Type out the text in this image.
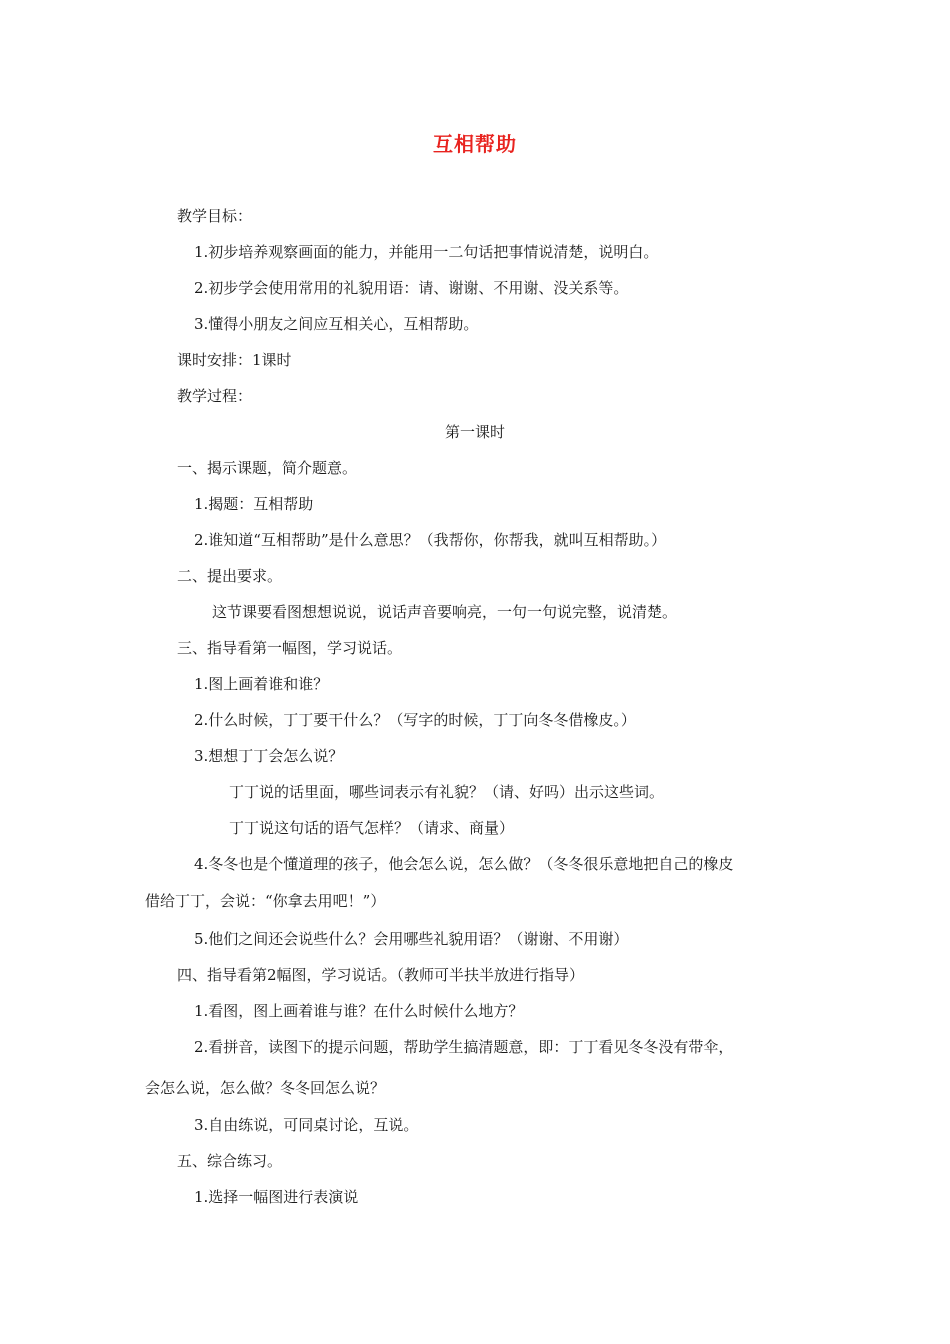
互相帮助
教学目标：
1.初步培养观察画面的能力，并能用一二句话把事情说清楚，说明白。
2.初步学会使用常用的礼貌用语：请、谢谢、不用谢、没关系等。
3.懂得小朋友之间应互相关心，互相帮助。
课时安排：1课时
教学过程：
第一课时
一、揭示课题，简介题意。
1.揭题：互相帮助
2.谁知道“互相帮助”是什么意思？（我帮你，你帮我，就叫互相帮助。）
二、提出要求。
这节课要看图想想说说，说话声音要响亮，一句一句说完整，说清楚。
三、指导看第一幅图，学习说话。
1.图上画着谁和谁？
2.什么时候，丁丁要干什么？（写字的时候，丁丁向冬冬借橡皮。）
3.想想丁丁会怎么说？
丁丁说的话里面，哪些词表示有礼貌？（请、好吗）出示这些词。
丁丁说这句话的语气怎样？（请求、商量）
4.冬冬也是个懂道理的孩子，他会怎么说，怎么做？（冬冬很乐意地把自己的橡皮
借给丁丁，会说：“你拿去用吧！”）
5.他们之间还会说些什么？会用哪些礼貌用语？（谢谢、不用谢）
四、指导看第2幅图，学习说话。（教师可半扶半放进行指导）
1.看图，图上画着谁与谁？在什么时候什么地方？
2.看拼音，读图下的提示问题，帮助学生搞清题意，即：丁丁看见冬冬没有带伞，
会怎么说，怎么做？冬冬回怎么说？
3.自由练说，可同桌讨论，互说。
五、综合练习。
1.选择一幅图进行表演说
